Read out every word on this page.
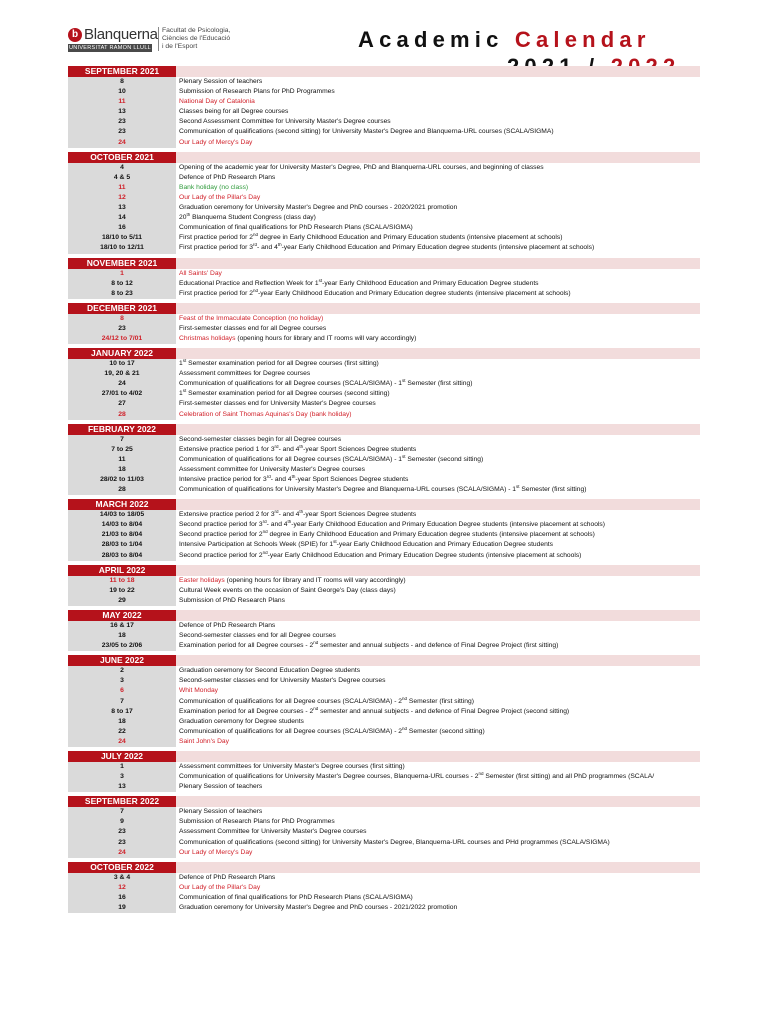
b Blanquerna
UNIVERSITAT RAMON LLULL
Facultat de Psicologia,
Ciències de l'Educació
i de l'Esport	Academic Calendar
SEPTEMBER 2021
8	Plenary Session of teachers
10	Submission of Research Plans for PhD Programmes
11	National Day of Catalonia
13	Classes being for all Degree courses
23	Second Assessment Committee for University Master's Degree courses
23	Communication of qualifications (second sitting) for University Master's Degree and Blanquerna-URL courses (SCALA/SIGMA)
24	Our Lady of Mercy's Day
OCTOBER 2021
4	Opening of the academic year for University Master's Degree, PhD and Blanquerna-URL courses, and beginning of classes
4 & 5	Defence of PhD Research Plans
11	Bank holiday (no class)
12	Our Lady of the Pillar's Day
13	Graduation ceremony for University Master's Degree and PhD courses - 2020/2021 promotion
14	20th Blanquerna Student Congress (class day)
16	Communication of final qualifications for PhD Research Plans (SCALA/SIGMA)
18/10 to 5/11	First practice period for 2nd degree in Early Childhood Education and Primary Education students (intensive placement at schools)
18/10 to 12/11	First practice period for 3rd- and 4th-year Early Childhood Education and Primary Education degree students (intensive placement at schools)
NOVEMBER 2021
1	All Saints' Day
8 to 12	Educational Practice and Reflection Week for 1st-year Early Childhood Education and Primary Education Degree students
8 to 23	First practice period for 2nd-year Early Childhood Education and Primary Education degree students (intensive placement at schools)
DECEMBER 2021
8	Feast of the Immaculate Conception (no holiday)
23	First-semester classes end for all Degree courses
24/12 to 7/01	Christmas holidays (opening hours for library and IT rooms will vary accordingly)
JANUARY 2022
10 to 17	1st Semester examination period for all Degree courses (first sitting)
19, 20 & 21	Assessment committees for Degree courses
24	Communication of qualifications for all Degree courses (SCALA/SIGMA) - 1st Semester (first sitting)
27/01 to 4/02	1st Semester examination period for all Degree courses (second sitting)
27	First-semester classes end for University Master's Degree courses
28	Celebration of Saint Thomas Aquinas's Day (bank holiday)
FEBRUARY 2022
7	Second-semester classes begin for all Degree courses
7 to 25	Extensive practice period 1 for 3rd- and 4th-year Sport Sciences Degree students
11	Communication of qualifications for all Degree courses (SCALA/SIGMA) - 1st Semester (second sitting)
18	Assessment committee for University Master's Degree courses
28/02 to 11/03	Intensive practice period for 3rd- and 4th-year Sport Sciences Degree students
28	Communication of qualifications for University Master's Degree and Blanquerna-URL courses (SCALA/SIGMA) - 1st Semester (first sitting)
MARCH 2022
14/03 to 18/05	Extensive practice period 2 for 3rd- and 4th-year Sport Sciences Degree students
14/03 to 8/04	Second practice period for 3rd- and 4th-year Early Childhood Education and Primary Education Degree students (intensive placement at schools)
21/03 to 8/04	Second practice period for 2nd degree in Early Childhood Education and Primary Education degree students (intensive placement at schools)
28/03 to 1/04	Intensive Participation at Schools Week (SPIE) for 1st-year Early Childhood Education and Primary Education Degree students
28/03 to 8/04	Second practice period for 2nd-year Early Childhood Education and Primary Education Degree students (intensive placement at schools)
APRIL 2022
11 to 18	Easter holidays (opening hours for library and IT rooms will vary accordingly)
19 to 22	Cultural Week events on the occasion of Saint George's Day (class days)
29	Submission of PhD Research Plans
MAY 2022
16 & 17	Defence of PhD Research Plans
18	Second-semester classes end for all Degree courses
23/05 to 2/06	Examination period for all Degree courses - 2nd semester and annual subjects - and defence of Final Degree Project (first sitting)
JUNE 2022
2	Graduation ceremony for Second Education Degree students
3	Second-semester classes end for University Master's Degree courses
6	Whit Monday
7	Communication of qualifications for all Degree courses (SCALA/SIGMA) - 2nd Semester (first sitting)
8 to 17	Examination period for all Degree courses - 2nd semester and annual subjects - and defence of Final Degree Project (second sitting)
18	Graduation ceremony for Degree students
22	Communication of qualifications for all Degree courses (SCALA/SIGMA) - 2nd Semester (second sitting)
24	Saint John's Day
JULY 2022
1	Assessment committees for University Master's Degree courses (first sitting)
3	Communication of qualifications for University Master's Degree courses, Blanquerna-URL courses - 2nd Semester (first sitting) and all PhD programmes (SCALA/
13	Plenary Session of teachers
SEPTEMBER 2022
7	Plenary Session of teachers
9	Submission of Research Plans for PhD Programmes
23	Assessment Committee for University Master's Degree courses
23	Communication of qualifications (second sitting) for University Master's Degree, Blanquerna-URL courses and PHd programmes (SCALA/SIGMA)
24	Our Lady of Mercy's Day
OCTOBER 2022
3 & 4	Defence of PhD Research Plans
12	Our Lady of the Pillar's Day
16	Communication of final qualifications for PhD Research Plans (SCALA/SIGMA)
19	Graduation ceremony for University Master's Degree and PhD courses - 2021/2022 promotion
